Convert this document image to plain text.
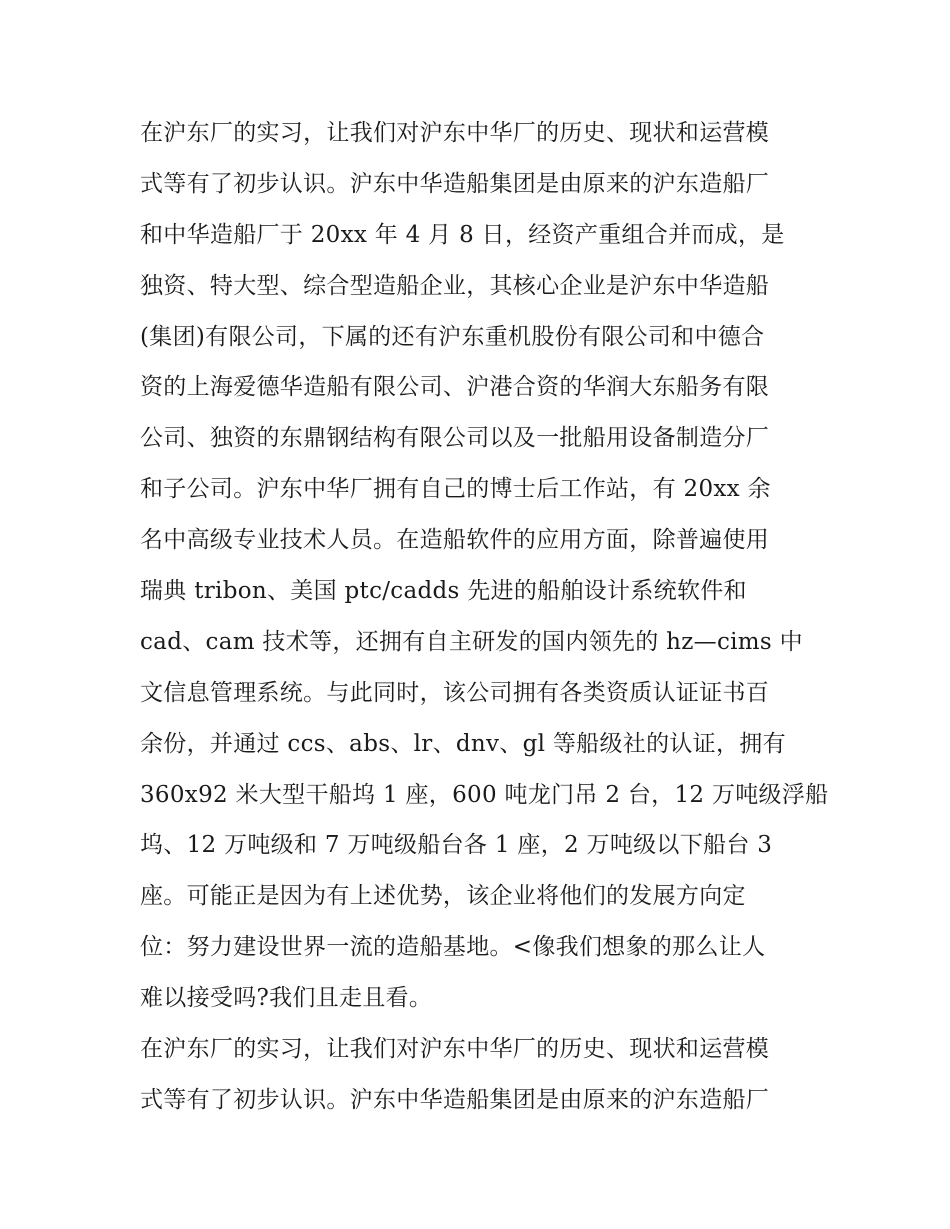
在沪东厂的实习，让我们对沪东中华厂的历史、现状和运营模
式等有了初步认识。沪东中华造船集团是由原来的沪东造船厂
和中华造船厂于 20xx 年 4 月 8 日，经资产重组合并而成，是
独资、特大型、综合型造船企业，其核心企业是沪东中华造船
(集团)有限公司，下属的还有沪东重机股份有限公司和中德合
资的上海爱德华造船有限公司、沪港合资的华润大东船务有限
公司、独资的东鼎钢结构有限公司以及一批船用设备制造分厂
和子公司。沪东中华厂拥有自己的博士后工作站，有 20xx 余
名中高级专业技术人员。在造船软件的应用方面，除普遍使用
瑞典 tribon、美国 ptc/cadds 先进的船舶设计系统软件和
cad、cam 技术等，还拥有自主研发的国内领先的 hz—cims 中
文信息管理系统。与此同时，该公司拥有各类资质认证证书百
余份，并通过 ccs、abs、lr、dnv、gl 等船级社的认证，拥有
360x92 米大型干船坞 1 座，600 吨龙门吊 2 台，12 万吨级浮船
坞、12 万吨级和 7 万吨级船台各 1 座，2 万吨级以下船台 3
座。可能正是因为有上述优势，该企业将他们的发展方向定
位：努力建设世界一流的造船基地。<像我们想象的那么让人
难以接受吗?我们且走且看。

在沪东厂的实习，让我们对沪东中华厂的历史、现状和运营模
式等有了初步认识。沪东中华造船集团是由原来的沪东造船厂
